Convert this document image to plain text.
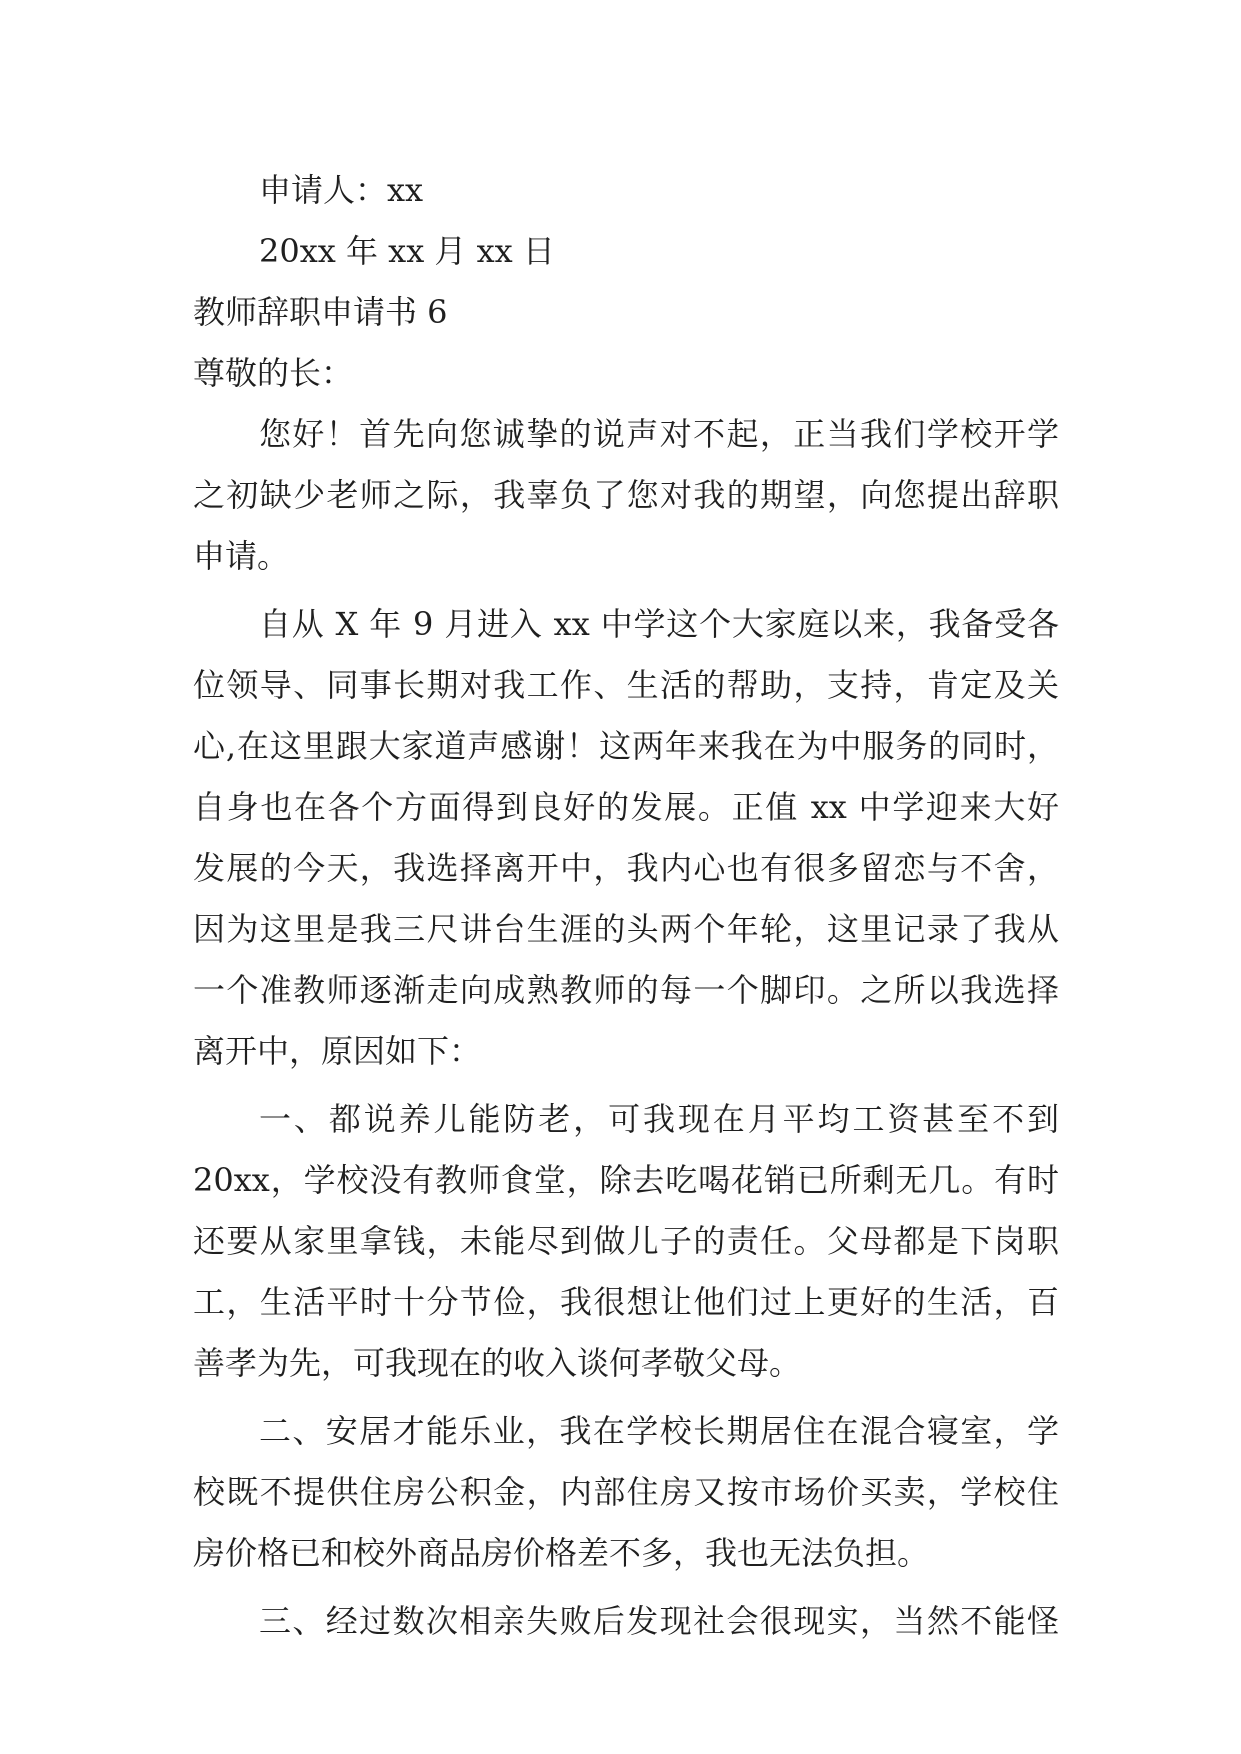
申请人：xx
20xx 年 xx 月 xx 日
教师辞职申请书 6
尊敬的长：
您好！首先向您诚挚的说声对不起，正当我们学校开学
之初缺少老师之际，我辜负了您对我的期望，向您提出辞职
申请。
自从 X 年 9 月进入 xx 中学这个大家庭以来，我备受各
位领导、同事长期对我工作、生活的帮助，支持，肯定及关
心,在这里跟大家道声感谢！这两年来我在为中服务的同时，
自身也在各个方面得到良好的发展。正值 xx 中学迎来大好
发展的今天，我选择离开中，我内心也有很多留恋与不舍，
因为这里是我三尺讲台生涯的头两个年轮，这里记录了我从
一个准教师逐渐走向成熟教师的每一个脚印。之所以我选择
离开中，原因如下：
一、都说养儿能防老，可我现在月平均工资甚至不到
20xx，学校没有教师食堂，除去吃喝花销已所剩无几。有时
还要从家里拿钱，未能尽到做儿子的责任。父母都是下岗职
工，生活平时十分节俭，我很想让他们过上更好的生活，百
善孝为先，可我现在的收入谈何孝敬父母。
二、安居才能乐业，我在学校长期居住在混合寝室，学
校既不提供住房公积金，内部住房又按市场价买卖，学校住
房价格已和校外商品房价格差不多，我也无法负担。
三、经过数次相亲失败后发现社会很现实，当然不能怪
